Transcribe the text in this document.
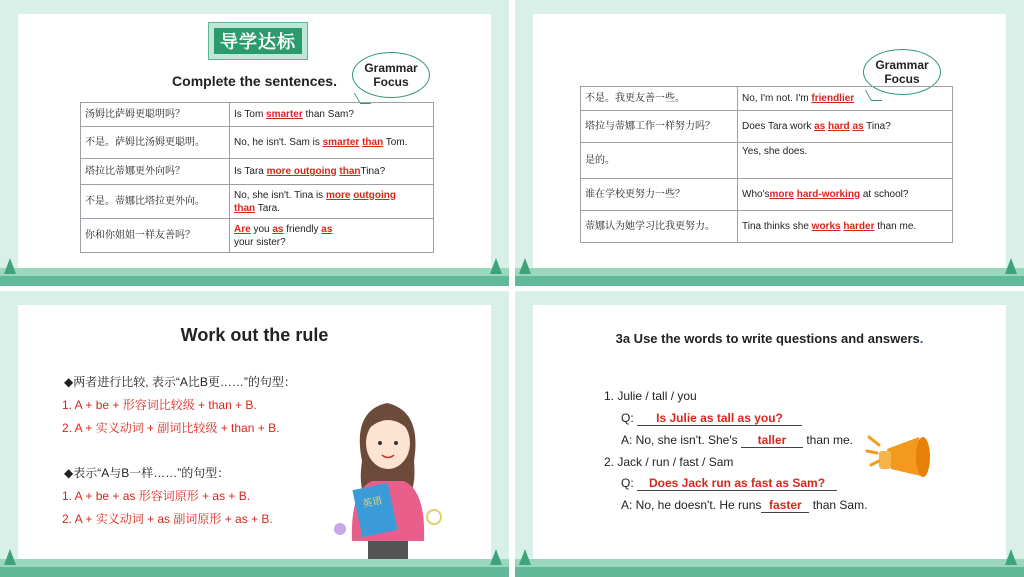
导学达标
Complete the sentences.
Grammar
Focus
汤姆比萨姆更聪明吗？	Is Tom smarter than Sam?
不是。萨姆比汤姆更聪明。	No, he isn't. Sam is smarter than Tom.
塔拉比蒂娜更外向吗？	Is Tara more outgoing thanTina?
不是。蒂娜比塔拉更外向。	No, she isn't. Tina is more outgoing
than Tara.
你和你姐姐一样友善吗？	Are you as friendly as
your sister?
Grammar
Focus
不是。我更友善一些。	No, I'm not. I'm friendlier
塔拉与蒂娜工作一样努力吗？	Does Tara work as hard as Tina?
是的。	Yes, she does.
谁在学校更努力一些？	Who'smore hard-working at school?
蒂娜认为她学习比我更努力。	Tina thinks she works harder than me.
Work out the rule
◆两者进行比较, 表示“A比B更……”的句型：
1. A + be + 形容词比较级 + than + B.
2. A + 实义动词 + 副词比较级 + than + B.
◆表示“A与B一样……”的句型：
1. A + be + as 形容词原形 + as + B.
2. A + 实义动词 + as 副词原形 + as + B.
英语
3a Use the words to write questions and answers.
1. Julie / tall / you
Q: Is Julie as tall as you?
A: No, she isn't. She's taller than me.
2. Jack / run / fast / Sam
Q: Does Jack run as fast as Sam?
A: No, he doesn't. He runs faster than Sam.
